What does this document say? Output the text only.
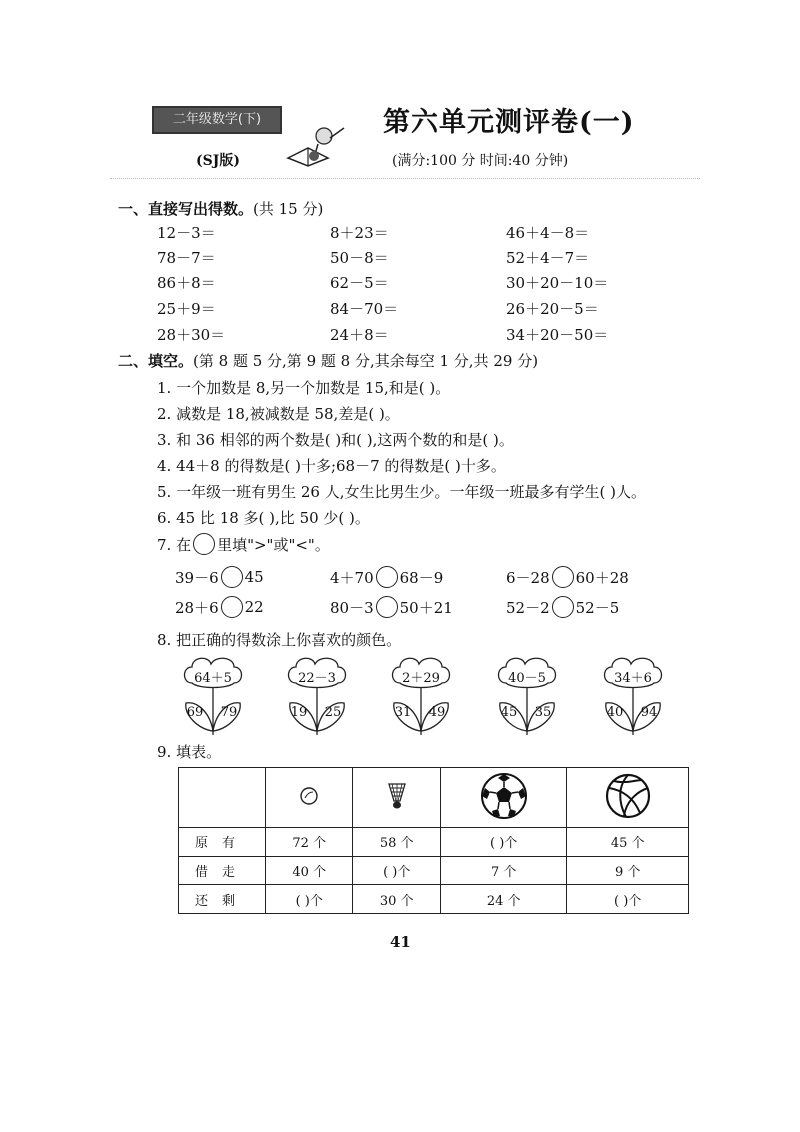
二年级数学(下)	第六单元测评卷(一)
(SJ版)	(满分:100 分 时间:40 分钟)
一、直接写出得数。(共 15 分)
12－3＝	8＋23＝	46＋4－8＝
78－7＝	50－8＝	52＋4－7＝
86＋8＝	62－5＝	30＋20－10＝
25＋9＝	84－70＝	26＋20－5＝
28＋30＝	24＋8＝	34＋20－50＝
二、填空。(第 8 题 5 分,第 9 题 8 分,其余每空 1 分,共 29 分)
1. 一个加数是 8,另一个加数是 15,和是( )。
2. 减数是 18,被减数是 58,差是( )。
3. 和 36 相邻的两个数是( )和( ),这两个数的和是( )。
4. 44＋8 的得数是( )十多;68－7 的得数是( )十多。
5. 一年级一班有男生 26 人,女生比男生少。一年级一班最多有学生( )人。
6. 45 比 18 多( ),比 50 少( )。
7. 在 里填">"或"<"。
39－6 45	4＋70 68－9	6－28 60＋28
28＋6 22	80－3 50＋21	52－2 52－5
8. 把正确的得数涂上你喜欢的颜色。
64＋5
69	79
22－3
19	25
2＋29
31	49
40－5
45	35
34＋6
40	94
9. 填表。

原有	72 个	58 个	( )个	45 个
借走	40 个	( )个	7 个	9 个
还剩	( )个	30 个	24 个	( )个
41
